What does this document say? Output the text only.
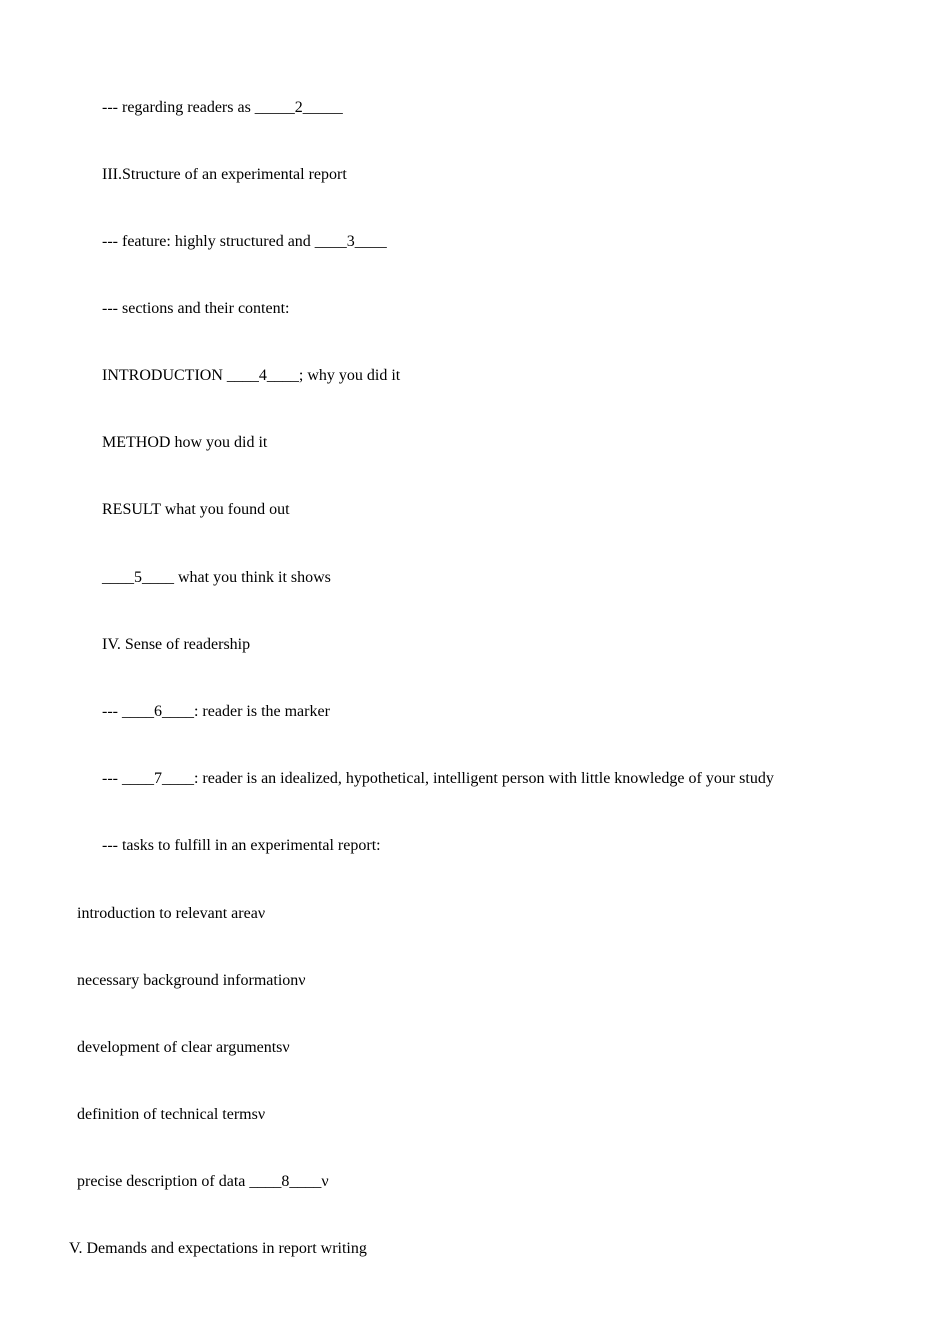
--- regarding readers as _____2_____

III.Structure of an experimental report

--- feature: highly structured and ____3____

--- sections and their content:

INTRODUCTION ____4____; why you did it

METHOD how you did it

RESULT what you found out

____5____ what you think it shows

IV. Sense of readership

--- ____6____: reader is the marker

--- ____7____: reader is an idealized, hypothetical, intelligent person with little knowledge of your study

--- tasks to fulfill in an experimental report:

introduction to relevant areaν

necessary background informationν

development of clear argumentsν

definition of technical termsν

precise description of data ____8____ν

V. Demands and expectations in report writing
